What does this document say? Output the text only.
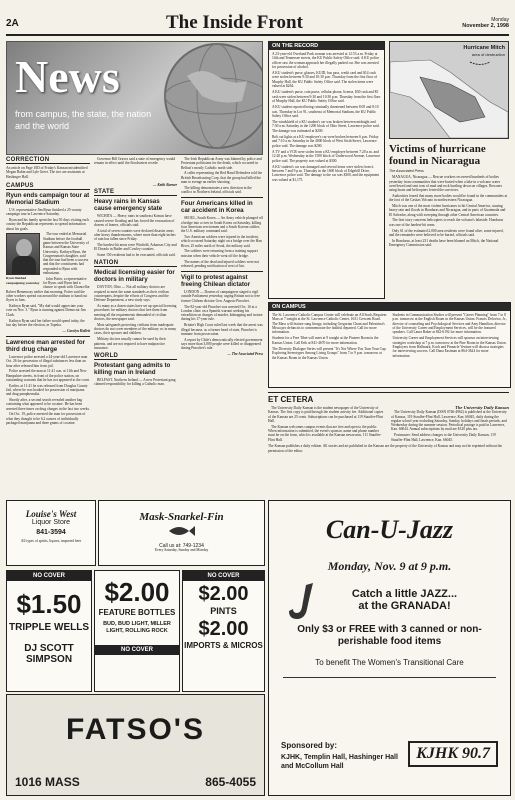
2A	The Inside Front	Monday
November 2, 1998
News
from campus, the state, the nation and the world
CORRECTION
An article on Page 10D of Friday's Kansan misidentified Megan Babin and Lyle Greer. The two are assistants at Hashinger Hall.
CAMPUS
Ryun ends campaign tour at Memorial Stadium

U.S. representative Jim Ryun finished a 25-county campaign tour in Lawrence Saturday.

Ryun and his family spent the last 50 days visiting each county the Republican represents to spread information about his goals.

Ryun finished campaigning yesterday

The tour ended at Memorial Stadium before the football game between the University of Kansas and Kansas State University. Kathryn Ryun, the Congressman's daughter, said that the tour had been a success and that the constituents had responded to Ryun with enthusiasm.

John Potter, a representative for Ryun, said Ryun had a chance to speak with Chancellor Robert Hemenway earlier that morning. Potter said the other workers spread out around the stadium to hand out flyers to fans.

Kathryn Ryun said, "My dad would appreciate your vote on Nov. 3." Ryun is running against Democrat Jim Clark.

Kathryn Ryun said her father would spend today, the last day before the election, in Topeka.

— Carolyn Hallett
Lawrence man arrested for third drug charge

Lawrence police arrested a 24-year-old Lawrence man Oct. 26 for possession of illegal substances less than an hour after released him from jail.

Police arrested the man at 11:41 a.m. at 11th and New Hampshire streets, in front of the police station, on outstanding warrants that he has not appeared to the court.

Earlier, at 11:41 he was released from Douglas County Jail, where he was booked for possession of marijuana and drug paraphernalia.

Shortly after, a second search revealed another bag containing what appeared to be cocaine. He has been arrested three times on drug charges in the last two weeks.

On Oct. 19, police arrested the man for possession of what they thought to be 6.2 ounces of individually packaged marijuana and three grams of cocaine.

Governor Bill Graves said a state of emergency would remain in effect until the floodwaters recede.

— Keith Burner
STATE
Heavy rains in Kansas cause emergency state

WICHITA — Heavy rains in southeast Kansas have caused severe flooding and has forced the evacuation of dozens of homes, officials said.

A total of seven counties were declared disaster areas after heavy thunderstorms, where more than eight inches of rain has fallen since Friday.

The hardest-hit areas were Winfield, Arkansas City and El Dorado in Butler and Cowley counties.

Some 150 residents had to be evacuated, officials said.

NATION
Medical licensing easier for doctors in military

DAYTON, Ohio — Not all military doctors are required to meet the same standards as their civilian counterparts, despite the efforts of Congress and the Defense Department, a new study says.

As many as a dozen states have set up special licensing procedures for military doctors that free them from meeting all the requirements demanded of civilian doctors, the newspaper said.

Most safeguards protecting civilians from inadequate doctors do not cover members of the military or, in many cases, their spouses and children.

Military doctors usually cannot be sued by their patients, and are not required to have malpractice insurance.

WORLD
Protestant gang admits to killing man in Ireland

BELFAST, Northern Ireland — A new Protestant gang claimed responsibility for killing a Catholic man.

The Irish Republican Army was blamed by police and Protestant politicians for the death, which occurred in Belfast's mostly Catholic north side.

A caller representing the Red Hand Defenders told the British Broadcasting Corp. that the group had killed the man to avenge an earlier shooting.

The killing demonstrates a new direction in the conflict in Northern Ireland, officials said.

Four Americans killed in car accident in Korea

SEOUL, South Korea — An Army vehicle plunged off a bridge into a river in South Korea on Saturday, killing four American servicemen and a South Korean soldier, the U.S. military command said.

Two American soldiers were injured in the incident, which occurred Saturday night on a bridge over the Han River, 25 miles north of Seoul, the military said.

The soldiers were returning from a training support mission when their vehicle went off the bridge.

The names of the dead and injured soldiers were not released, pending notification of next of kin.

Vigil to protest against freeing Chilean dictator

LONDON — Dozens of campaigners staged a vigil outside Parliament yesterday, urging Britain not to free former Chilean dictator Gen. Augusto Pinochet.

The 82-year-old Pinochet was arrested Oct. 16 at a London clinic on a Spanish warrant seeking his extradition on charges of murder, kidnapping and torture during his 17-year rule.

Britain's High Court ruled last week that the arrest was illegal because, as a former head of state, Pinochet is immune from prosecution.

A report by Chile's democratically elected government says more than 3,000 people were killed or disappeared during Pinochet's rule.

— The Associated Press
ON THE RECORD

A 23-year-old Overland Park woman was arrested at 12:53 a.m. Friday at 14th and Tennessee streets, the KU Public Safety Office said. A KU police officer saw the woman approach her illegally parked car. She was arrested for possession of alcohol.

A KU student's purse, glasses, KUID, bus pass, credit card and $14 cash were stolen between 9:30 and 10:30 p.m. Thursday from the first floor of Murphy Hall, the KU Public Safety Office said. The stolen items were valued at $264.

A KU student's purse, coin purse, cellular phone, license, $30 cash and $5 cash were stolen between 9:30 and 10:30 p.m. Thursday from the first floor of Murphy Hall, the KU Public Safety Office said.

A KU student reported being criminally threatened between 8:05 and 8:10 a.m. Thursday in Lot 91, southeast of Memorial Stadium, the KU Public Safety Office said.

The windshield of a KU student's car was broken between midnight and 7:30 a.m. Saturday in the 1200 block of Ohio Street, Lawrence police said. The damage was estimated at $200.

Bolt cut lights at a KU employee's car were broken between 6 p.m. Friday and 7:10 a.m. Saturday in the 4000 block of West Sixth Street, Lawrence police said. The damage was $200.

A TV and a VCR were stolen from a KU employee between 7:20 a.m. and 12:20 p.m. Wednesday in the 1500 block of Underwood Avenue, Lawrence police said. The property was valued at $300.

A KU student's car was damaged and several items were stolen from it between 7 and 9 p.m. Thursday in the 1600 block of Edgehill Drive, Lawrence police said. The damage to the car was $300, and the equipment was valued at $1,175.

Hurricane Mitch
area of destruction
Victims of hurricane found in Nicaragua
The Associated Press

MANAGUA, Nicaragua — Rescue workers recovered hundreds of bodies yesterday from communities that were buried when a lake in a volcano crater overflowed and sent tons of mud and rock hurtling down on villages. Rescuers using boats and helicopters ferried the survivors.

Authorities feared that many more bodies would be found in the communities at the foot of the Casitas Volcano in northwestern Nicaragua.

Mitch was one of the most violent hurricanes to hit Central America, causing heavy rain and floods in Honduras and Nicaragua, and in parts of Guatemala and El Salvador, along with sweeping through other Central American countries.

The first story concerns helicopters to reach the volcano's lakeside. Honduras was one of the hardest-hit areas.

Only 61 of the estimated 2,000 area residents were found alive, some injured, and the remainder were believed to be buried, officials said.

In Honduras, at least 231 deaths have been blamed on Mitch, the National Emergency Commission said.

ON CAMPUS

The St. Lawrence Catholic Campus Center will celebrate an All Souls Requiem Mass at 7 tonight at the St. Lawrence Catholic Center, 1631 Crescent Road. The Mass will feature sung liturgy, including Gregorian Chant and Palestrina's Missa pro defunctis to commemorate the faithful departed. Call for more information.

Students for a Free Tibet will meet at 9 tonight at the Pioneer Room in the Kansas Union. Call Erik at 841-4670 for more information.

The Diversity Dialogue Series will present "It's Not Where You Turn Your Cap: Exploring Stereotypes Among Living Groups" from 7 to 9 p.m. tomorrow at the Kansas Room in the Kansas Union.

Students in Communication Studies will present "Career Planning" from 7 to 8 p.m. tomorrow at the English Room in the Kansas Union. Francis Deloviso, Jr., director of counseling and Psychological Services and Amy Hamilton, director of the University Career and Employment Services, will be the featured speakers. Call Laura Baker at 842-6192 for more information.

University Career and Employment Services will sponsor an interviewing strategies workshop at 7 p.m. tomorrow at the Pine Room in the Kansas Union. Employers from Hallmark, Koch and Pinnacle Venture will discuss strategies for interviewing success. Call Dana Eastman at 864-3624 for more information.

ET CETERA

The University Daily Kansan is the student newspaper of the University of Kansas. The first copy is paid through the student activity fee. Additional copies of the Kansan are 25 cents. Subscriptions can be purchased at 119 Stauffer-Flint Hall.

The Kansan welcomes campus events that are free and open to the public. When information is submitted, the event's sponsor, name and phone number must be on the form, which is available at the Kansan newsroom, 111 Stauffer-Flint Hall.

The University Daily Kansan

The University Daily Kansan (ISSN 0746-4962) is published at the University of Kansas, 119 Stauffer-Flint Hall, Lawrence, Kan. 66045, daily during the regular school year excluding Saturday, Sunday, holidays and finals periods, and Wednesday during the summer session. Periodical postage is paid in Lawrence, Kan. 66044. Annual subscriptions by mail are $120 plus tax.

Postmaster: Send address changes to the University Daily Kansan, 119 Stauffer-Flint Hall, Lawrence, Kan. 66045.

The Kansan publishes a daily edition. All stories and art published in the Kansan are the property of the University of Kansas and may not be reprinted without the permission of the editor.
Louise's West
Liquor Store
841-3594
All types of spirits, liquors, imported beer
Mask-Snarkel-Fin
Call us at: 749-1234
Every Saturday, Sunday and Monday
NO COVER
$1.50
TRIPPLE WELLS
DJ SCOTT SIMPSON
$2.00
FEATURE BOTTLES
BUD, BUD LIGHT, MILLER LIGHT, ROLLING ROCK
NO COVER
NO COVER
$2.00
PINTS
$2.00
IMPORTS & MICROS
FATSO'S
1016 MASS	865-4055
Can-U-Jazz
Monday, Nov. 9 at 9 p.m.
Catch a little JAZZ...
at the GRANADA!
Only $3 or FREE with 3 canned or non-perishable food items
To benefit The Women's Transitional Care
Sponsored by:
KJHK, Templin Hall, Hashinger Hall and McCollum Hall
KJHK 90.7
